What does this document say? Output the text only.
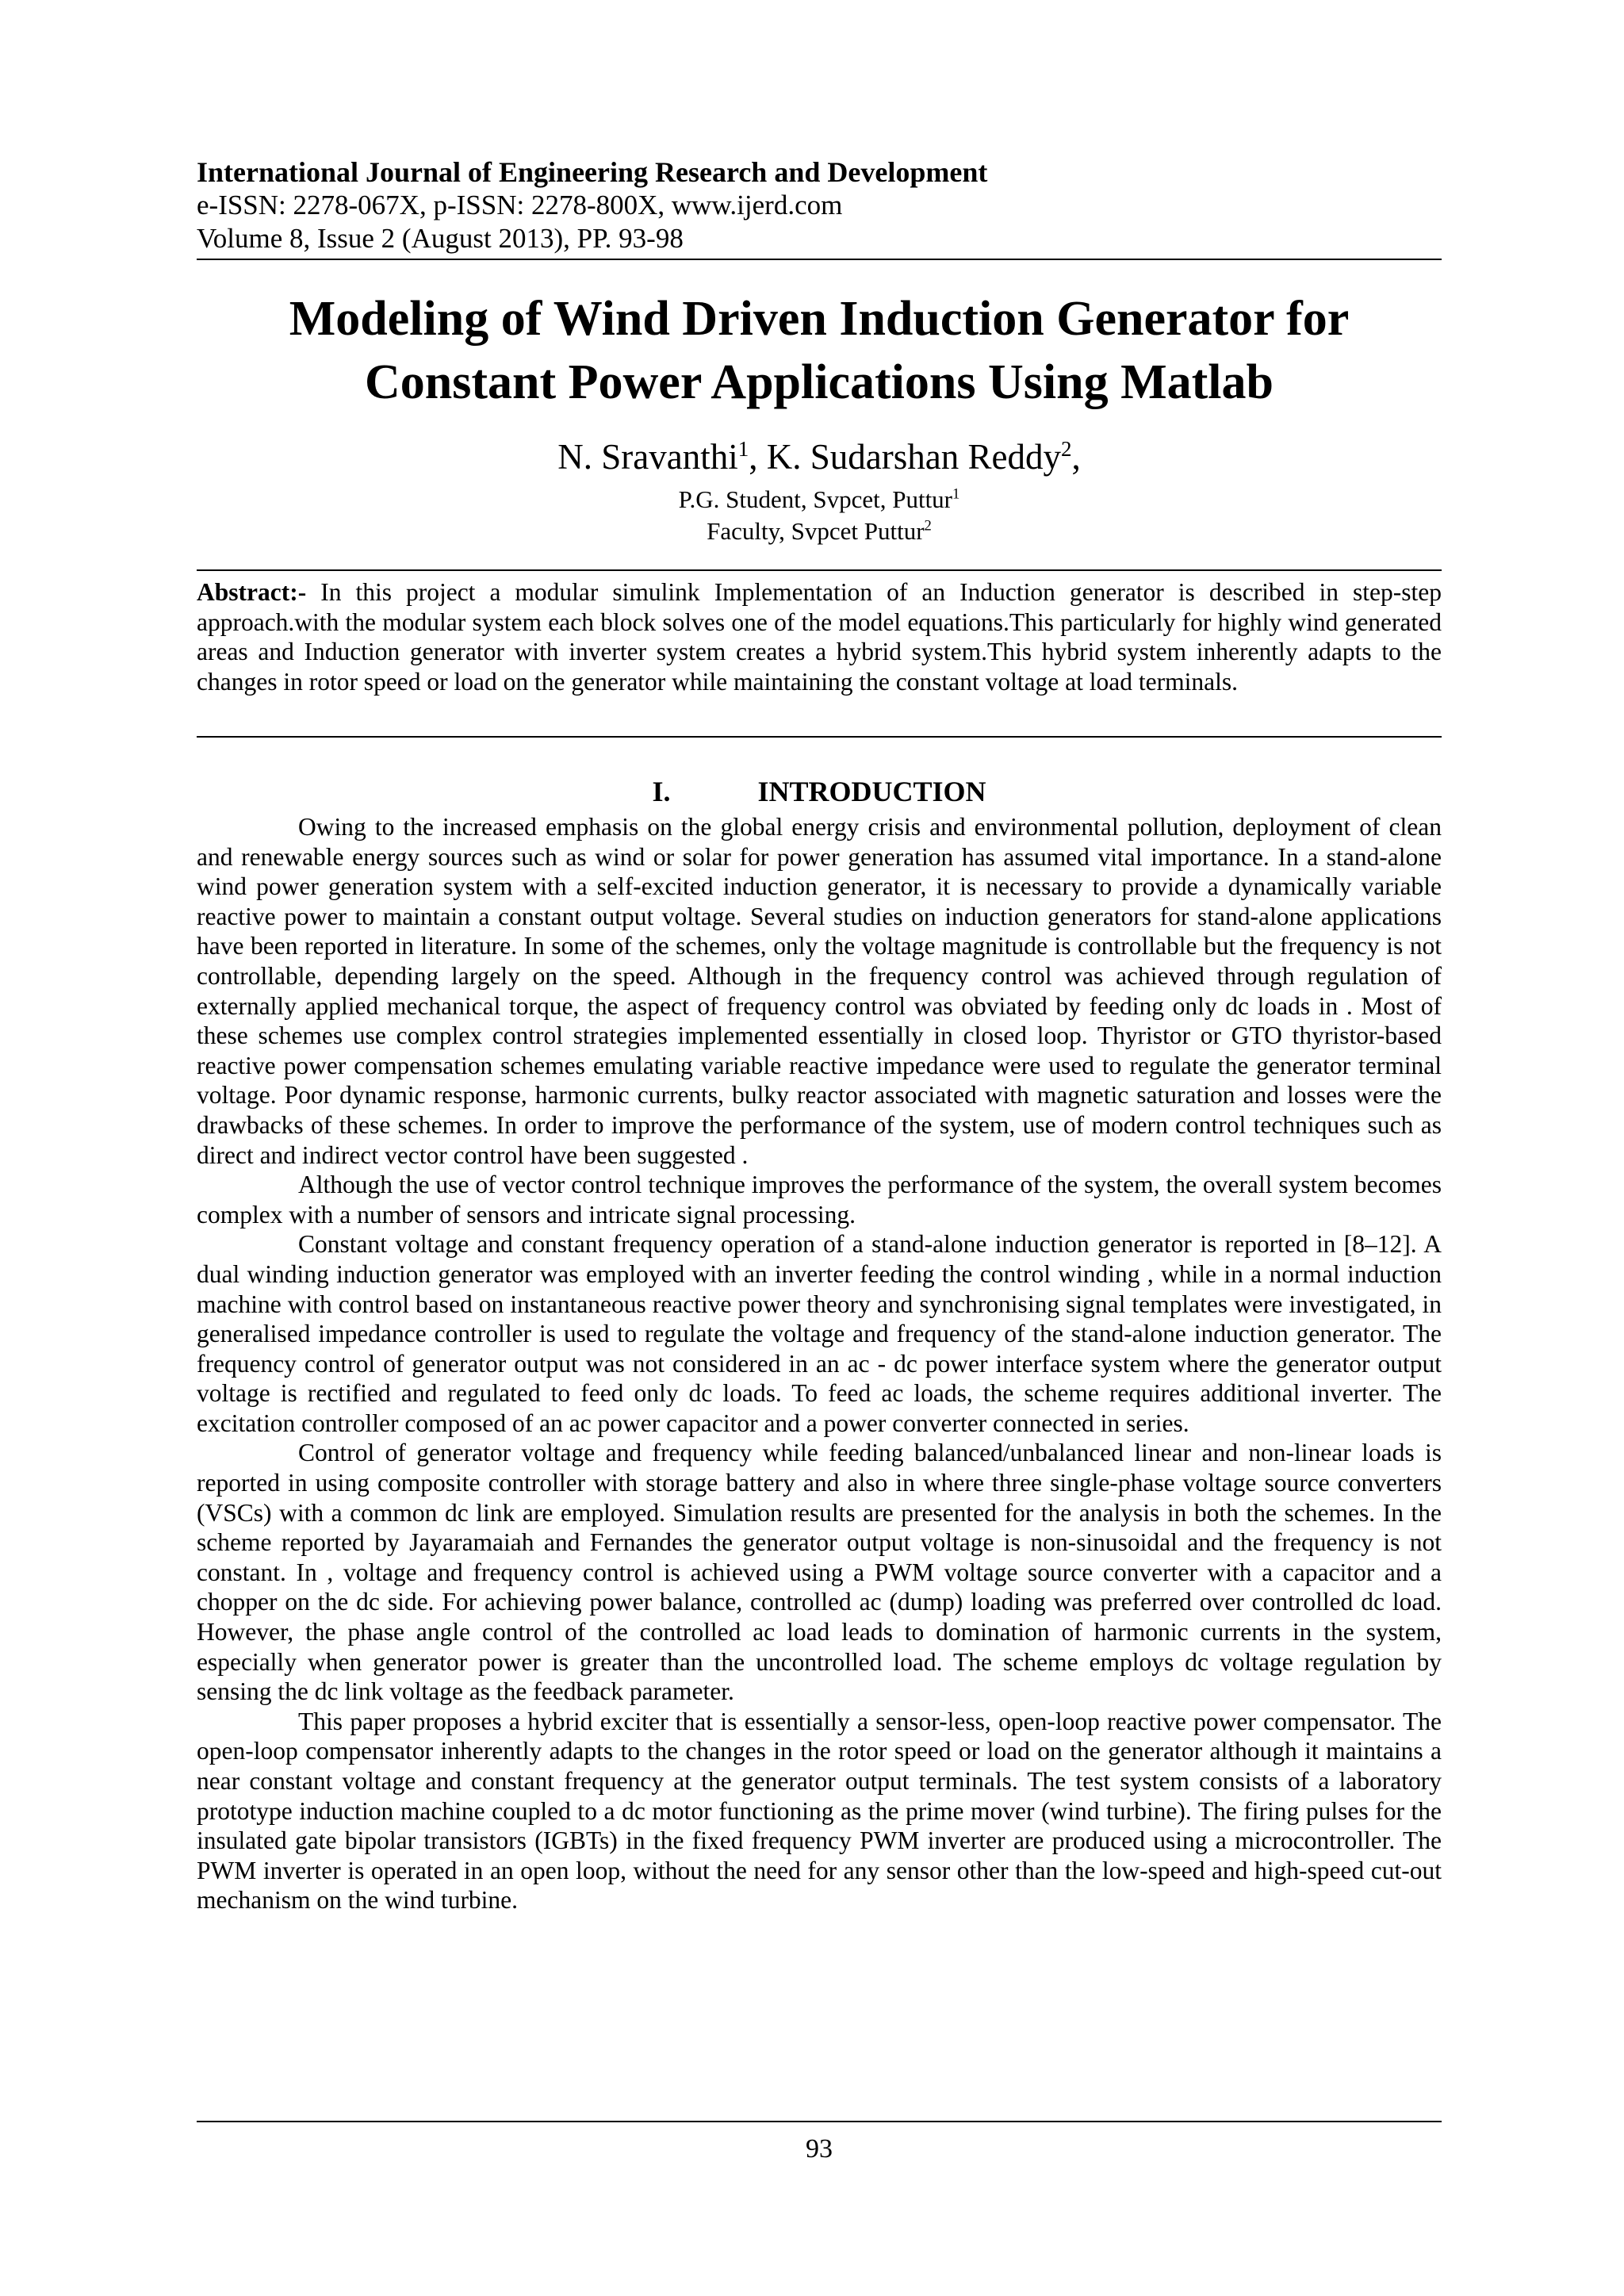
International Journal of Engineering Research and Development
e-ISSN: 2278-067X, p-ISSN: 2278-800X, www.ijerd.com
Volume 8, Issue 2 (August 2013), PP. 93-98
Modeling of Wind Driven Induction Generator for
Constant Power Applications Using Matlab
N. Sravanthi$^1$, K. Sudarshan Reddy$^2$,
P.G. Student, Svpcet, Puttur$^1$
Faculty, Svpcet Puttur$^2$
Abstract:- In this project a modular simulink Implementation of an Induction generator is described in step-step approach.with the modular system each block solves one of the model equations.This particularly for highly wind generated areas and Induction generator with inverter system creates a hybrid system.This hybrid system inherently adapts to the changes in rotor speed or load on the generator while maintaining the constant voltage at load terminals.
I.	INTRODUCTION

Owing to the increased emphasis on the global energy crisis and environmental pollution, deployment of clean and renewable energy sources such as wind or solar for power generation has assumed vital importance. In a stand-alone wind power generation system with a self-excited induction generator, it is necessary to provide a dynamically variable reactive power to maintain a constant output voltage. Several studies on induction generators for stand-alone applications have been reported in literature. In some of the schemes, only the voltage magnitude is controllable but the frequency is not controllable, depending largely on the speed. Although in the frequency control was achieved through regulation of externally applied mechanical torque, the aspect of frequency control was obviated by feeding only dc loads in . Most of these schemes use complex control strategies implemented essentially in closed loop. Thyristor or GTO thyristor-based reactive power compensation schemes emulating variable reactive impedance were used to regulate the generator terminal voltage. Poor dynamic response, harmonic currents, bulky reactor associated with magnetic saturation and losses were the drawbacks of these schemes. In order to improve the performance of the system, use of modern control techniques such as direct and indirect vector control have been suggested .

Although the use of vector control technique improves the performance of the system, the overall system becomes complex with a number of sensors and intricate signal processing.

Constant voltage and constant frequency operation of a stand-alone induction generator is reported in [8–12]. A dual winding induction generator was employed with an inverter feeding the control winding , while in a normal induction machine with control based on instantaneous reactive power theory and synchronising signal templates were investigated, in generalised impedance controller is used to regulate the voltage and frequency of the stand-alone induction generator. The frequency control of generator output was not considered in an ac - dc power interface system where the generator output voltage is rectified and regulated to feed only dc loads. To feed ac loads, the scheme requires additional inverter. The excitation controller composed of an ac power capacitor and a power converter connected in series.

Control of generator voltage and frequency while feeding balanced/unbalanced linear and non-linear loads is reported in using composite controller with storage battery and also in where three single-phase voltage source converters (VSCs) with a common dc link are employed. Simulation results are presented for the analysis in both the schemes. In the scheme reported by Jayaramaiah and Fernandes the generator output voltage is non-sinusoidal and the frequency is not constant. In , voltage and frequency control is achieved using a PWM voltage source converter with a capacitor and a chopper on the dc side. For achieving power balance, controlled ac (dump) loading was preferred over controlled dc load. However, the phase angle control of the controlled ac load leads to domination of harmonic currents in the system, especially when generator power is greater than the uncontrolled load. The scheme employs dc voltage regulation by sensing the dc link voltage as the feedback parameter.

This paper proposes a hybrid exciter that is essentially a sensor-less, open-loop reactive power compensator. The open-loop compensator inherently adapts to the changes in the rotor speed or load on the generator although it maintains a near constant voltage and constant frequency at the generator output terminals. The test system consists of a laboratory prototype induction machine coupled to a dc motor functioning as the prime mover (wind turbine). The firing pulses for the insulated gate bipolar transistors (IGBTs) in the fixed frequency PWM inverter are produced using a microcontroller. The PWM inverter is operated in an open loop, without the need for any sensor other than the low-speed and high-speed cut-out mechanism on the wind turbine.

93
